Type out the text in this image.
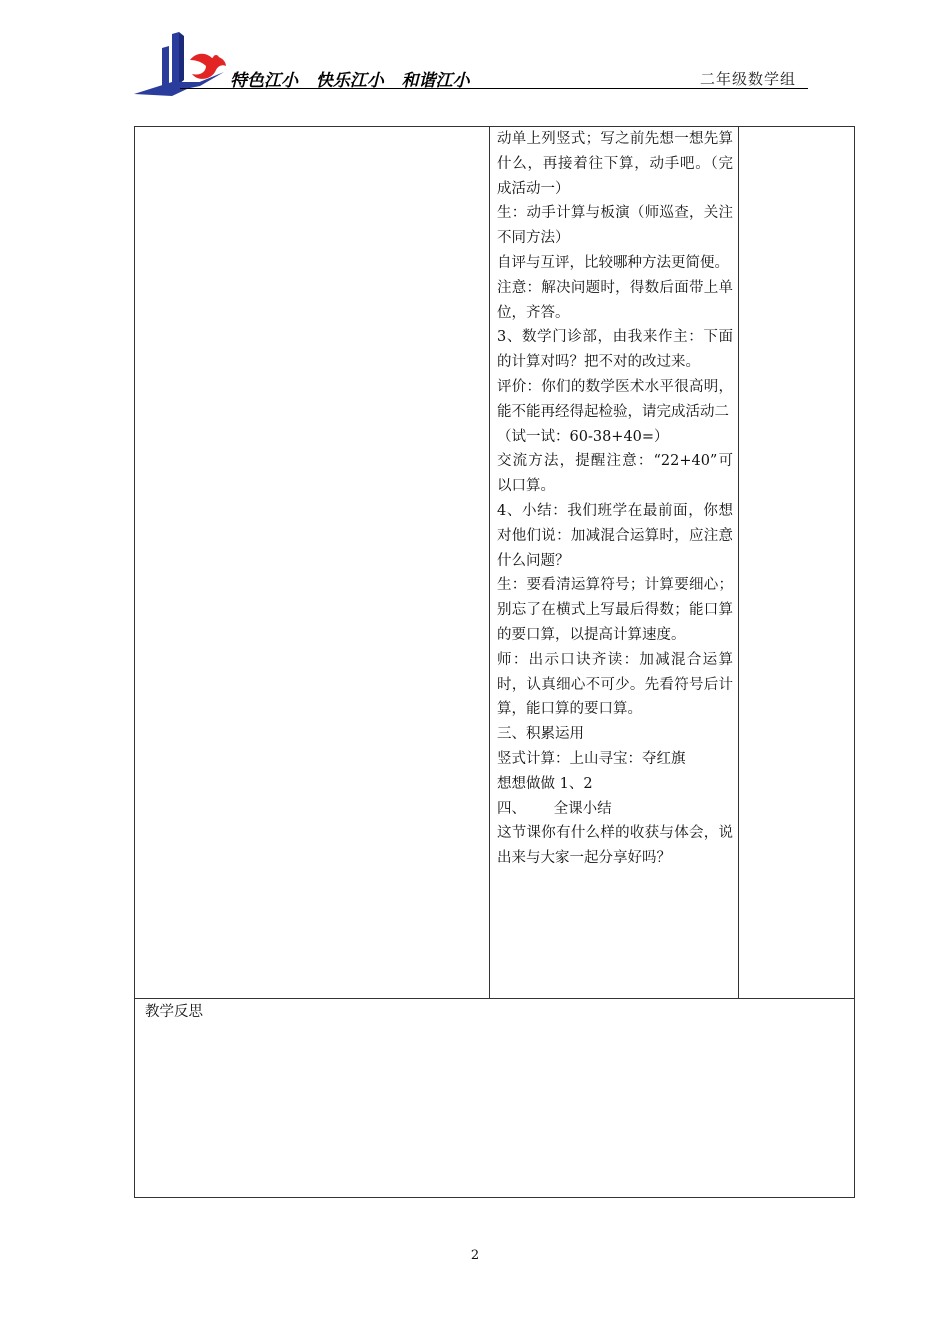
特色江小   快乐江小   和谐江小	二年级数学组

动单上列竖式；写之前先想一想先算什么，再接着往下算，动手吧。（完成活动一）

生：动手计算与板演（师巡查，关注不同方法）

自评与互评，比较哪种方法更简便。

注意：解决问题时，得数后面带上单位，齐答。

3、数学门诊部，由我来作主：下面的计算对吗？把不对的改过来。

评价：你们的数学医术水平很高明，能不能再经得起检验，请完成活动二

（试一试：60-38+40=）

交流方法，提醒注意：“22+40”可以口算。

4、小结：我们班学在最前面，你想对他们说：加减混合运算时，应注意什么问题？

生：要看清运算符号；计算要细心；别忘了在横式上写最后得数；能口算的要口算，以提高计算速度。

师：出示口诀齐读：加减混合运算时，认真细心不可少。先看符号后计算，能口算的要口算。

三、积累运用

竖式计算：上山寻宝：夺红旗

想想做做 1、2

四、      全课小结

这节课你有什么样的收获与体会，说出来与大家一起分享好吗？

教学反思
2
